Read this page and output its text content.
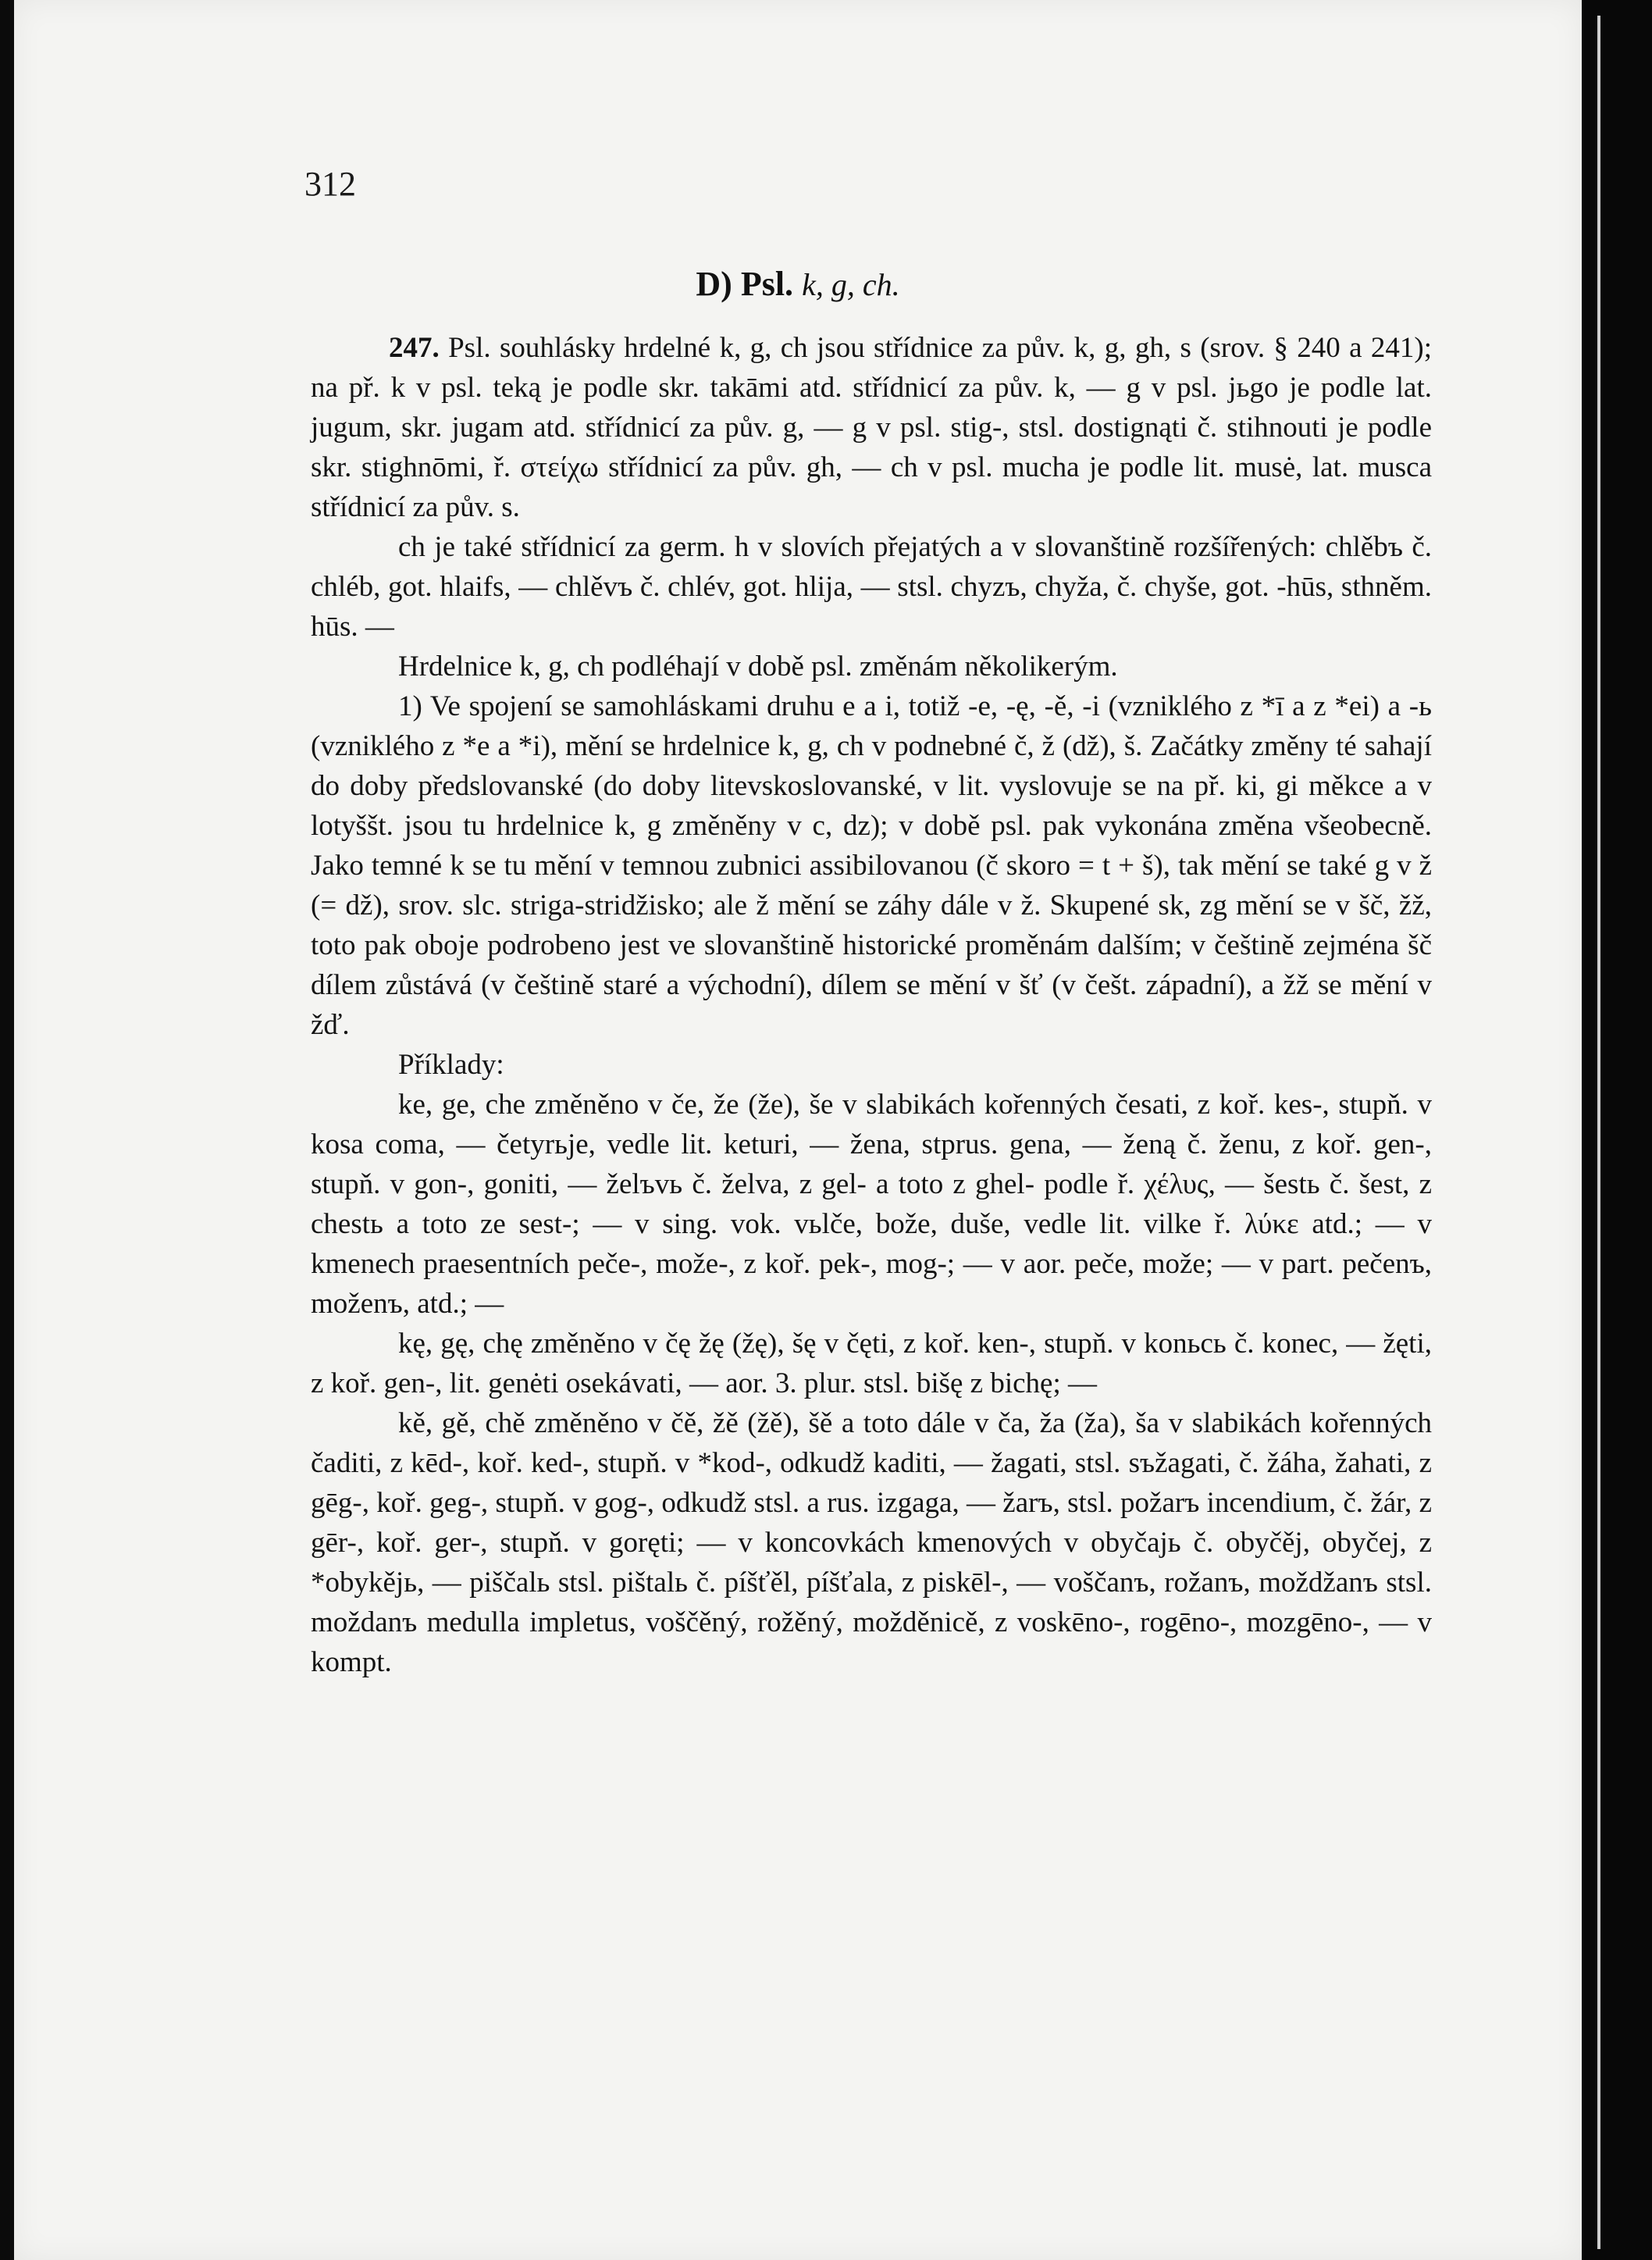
312
D) Psl. k, g, ch.

247. Psl. souhlásky hrdelné k, g, ch jsou střídnice za pův. k, g, gh, s (srov. § 240 a 241); na př. k v psl. teką je podle skr. takāmi atd. střídnicí za pův. k, — g v psl. jьgo je podle lat. jugum, skr. jugam atd. střídnicí za pův. g, — g v psl. stig-, stsl. dostignąti č. stihnouti je podle skr. stighnōmi, ř. στείχω střídnicí za pův. gh, — ch v psl. mucha je podle lit. musė, lat. musca střídnicí za pův. s.

ch je také střídnicí za germ. h v slovích přejatých a v slovanštině rozšířených: chlěbъ č. chléb, got. hlaifs, — chlěvъ č. chlév, got. hlija, — stsl. chyzъ, chyža, č. chyše, got. -hūs, sthněm. hūs. —

Hrdelnice k, g, ch podléhají v době psl. změnám několikerým.

1) Ve spojení se samohláskami druhu e a i, totiž -e, -ę, -ě, -i (vzniklého z *ī a z *ei) a -ь (vzniklého z *e a *i), mění se hrdelnice k, g, ch v podnebné č, ž (dž), š. Začátky změny té sahají do doby předslovanské (do doby litevskoslovanské, v lit. vyslovuje se na př. ki, gi měkce a v lotyššt. jsou tu hrdelnice k, g změněny v c, dz); v době psl. pak vykonána změna všeobecně. Jako temné k se tu mění v temnou zubnici assibilovanou (č skoro = t + š), tak mění se také g v ž (= dž), srov. slc. striga-stridžisko; ale ž mění se záhy dále v ž. Skupené sk, zg mění se v šč, žž, toto pak oboje podrobeno jest ve slovanštině historické proměnám dalším; v češtině zejména šč dílem zůstává (v češtině staré a východní), dílem se mění v šť (v češt. západní), a žž se mění v žď.

Příklady:

ke, ge, che změněno v če, že (že), še v slabikách kořenných česati, z koř. kes-, stupň. v kosa coma, — četyrьje, vedle lit. keturi, — žena, stprus. gena, — ženą č. ženu, z koř. gen-, stupň. v gon-, goniti, — želъvь č. želva, z gel- a toto z ghel- podle ř. χέλυς, — šestь č. šest, z chestь a toto ze sest-; — v sing. vok. vьlče, bože, duše, vedle lit. vilke ř. λύκε atd.; — v kmenech praesentních peče-, može-, z koř. pek-, mog-; — v aor. peče, može; — v part. pečenъ, moženъ, atd.; —

kę, gę, chę změněno v čę žę (žę), šę v čęti, z koř. ken-, stupň. v konьcь č. konec, — žęti, z koř. gen-, lit. genėti osekávati, — aor. 3. plur. stsl. bišę z bichę; —

kě, gě, chě změněno v čě, žě (žě), šě a toto dále v ča, ža (ža), ša v slabikách kořenných čaditi, z kēd-, koř. ked-, stupň. v *kod-, odkudž kaditi, — žagati, stsl. sъžagati, č. žáha, žahati, z gēg-, koř. geg-, stupň. v gog-, odkudž stsl. a rus. izgaga, — žarъ, stsl. požarъ incendium, č. žár, z gēr-, koř. ger-, stupň. v goręti; — v koncovkách kmenových v obyčajь č. obyčěj, obyčej, z *obykějь, — piščalь stsl. pištalь č. píšťěl, píšťala, z piskēl-, — voščanъ, rožanъ, moždžanъ stsl. moždanъ medulla impletus, voščěný, rožěný, možděnicě, z voskēno-, rogēno-, mozgēno-, — v kompt.
